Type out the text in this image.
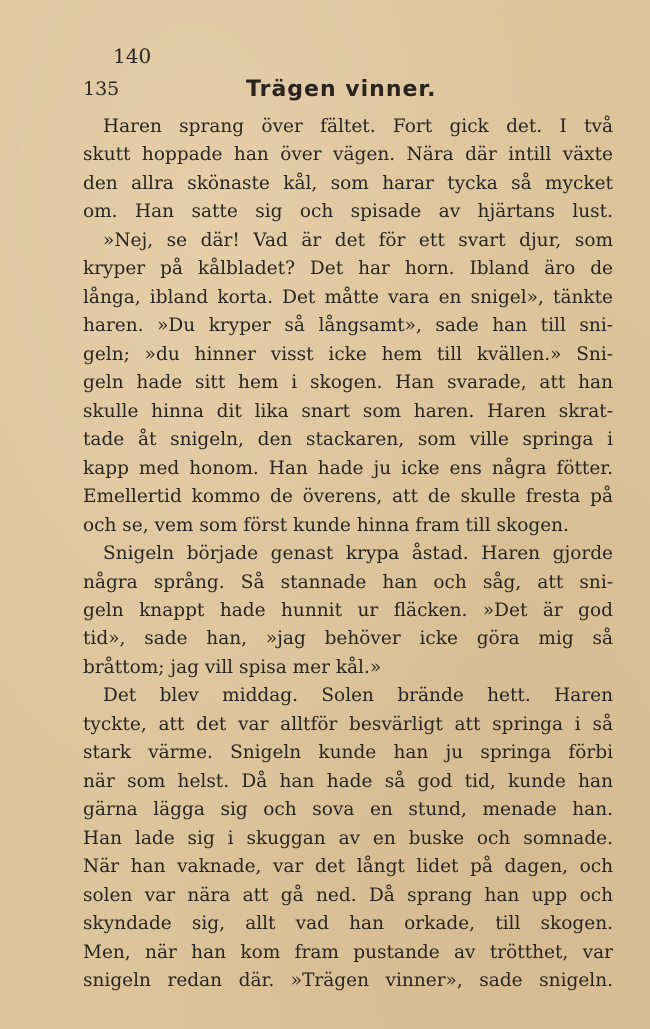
140
135	Trägen vinner.
Haren sprang över fältet. Fort gick det. I två
skutt hoppade han över vägen. Nära där intill växte
den allra skönaste kål, som harar tycka så mycket
om. Han satte sig och spisade av hjärtans lust.
»Nej, se där! Vad är det för ett svart djur, som
kryper på kålbladet? Det har horn. Ibland äro de
långa, ibland korta. Det måtte vara en snigel», tänkte
haren. »Du kryper så långsamt», sade han till sni-
geln; »du hinner visst icke hem till kvällen.» Sni-
geln hade sitt hem i skogen. Han svarade, att han
skulle hinna dit lika snart som haren. Haren skrat-
tade åt snigeln, den stackaren, som ville springa i
kapp med honom. Han hade ju icke ens några fötter.
Emellertid kommo de överens, att de skulle fresta på
och se, vem som först kunde hinna fram till skogen.
Snigeln började genast krypa åstad. Haren gjorde
några språng. Så stannade han och såg, att sni-
geln knappt hade hunnit ur fläcken. »Det är god
tid», sade han, »jag behöver icke göra mig så
bråttom; jag vill spisa mer kål.»
Det blev middag. Solen brände hett. Haren
tyckte, att det var alltför besvärligt att springa i så
stark värme. Snigeln kunde han ju springa förbi
när som helst. Då han hade så god tid, kunde han
gärna lägga sig och sova en stund, menade han.
Han lade sig i skuggan av en buske och somnade.
När han vaknade, var det långt lidet på dagen, och
solen var nära att gå ned. Då sprang han upp och
skyndade sig, allt vad han orkade, till skogen.
Men, när han kom fram pustande av trötthet, var
snigeln redan där. »Trägen vinner», sade snigeln.
